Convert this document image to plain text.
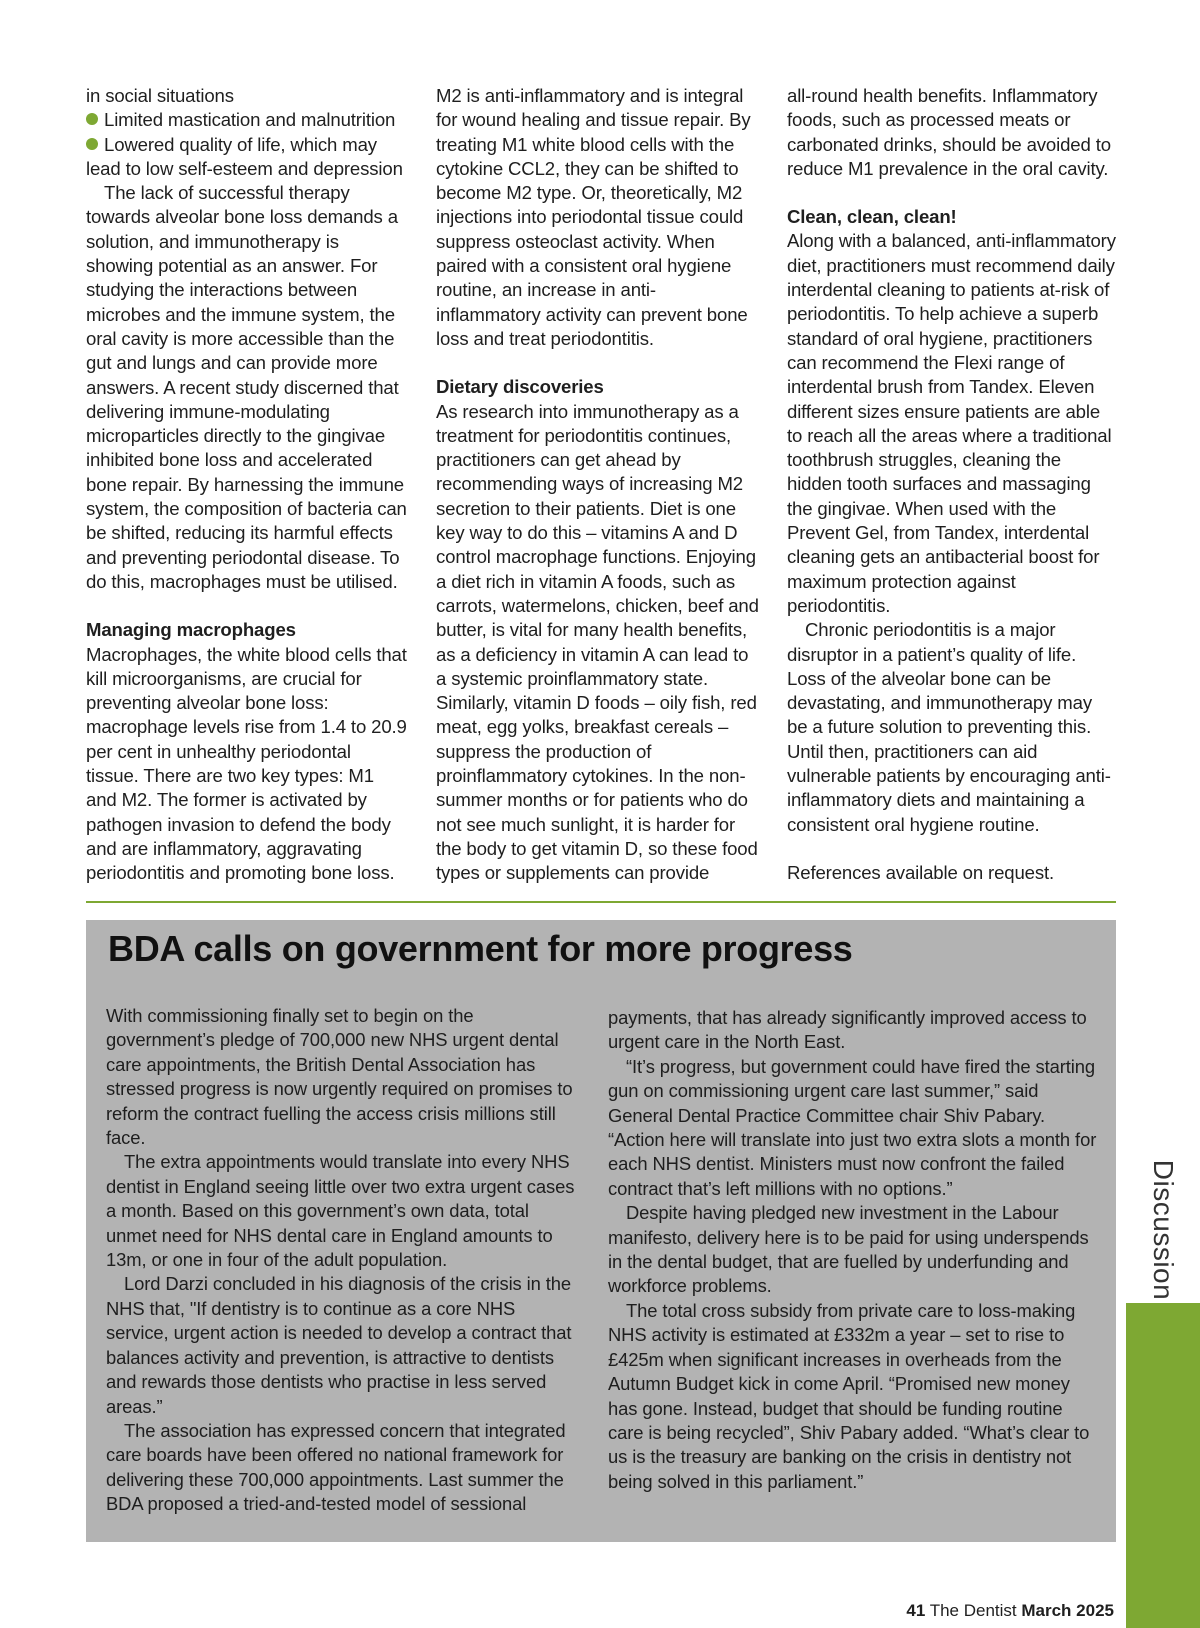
in social situations

Limited mastication and malnutrition
Lowered quality of life, which may lead to low self-esteem and depression

The lack of successful therapy towards alveolar bone loss demands a solution, and immunotherapy is showing potential as an answer. For studying the interactions between microbes and the immune system, the oral cavity is more accessible than the gut and lungs and can provide more answers. A recent study discerned that delivering immune-modulating microparticles directly to the gingivae inhibited bone loss and accelerated bone repair. By harnessing the immune system, the composition of bacteria can be shifted, reducing its harmful effects and preventing periodontal disease. To do this, macrophages must be utilised.

Managing macrophages

Macrophages, the white blood cells that kill microorganisms, are crucial for preventing alveolar bone loss: macrophage levels rise from 1.4 to 20.9 per cent in unhealthy periodontal tissue. There are two key types: M1 and M2. The former is activated by pathogen invasion to defend the body and are inflammatory, aggravating periodontitis and promoting bone loss.

M2 is anti-inflammatory and is integral for wound healing and tissue repair. By treating M1 white blood cells with the cytokine CCL2, they can be shifted to become M2 type. Or, theoretically, M2 injections into periodontal tissue could suppress osteoclast activity. When paired with a consistent oral hygiene routine, an increase in anti-inflammatory activity can prevent bone loss and treat periodontitis.

Dietary discoveries

As research into immunotherapy as a treatment for periodontitis continues, practitioners can get ahead by recommending ways of increasing M2 secretion to their patients. Diet is one key way to do this – vitamins A and D control macrophage functions. Enjoying a diet rich in vitamin A foods, such as carrots, watermelons, chicken, beef and butter, is vital for many health benefits, as a deficiency in vitamin A can lead to a systemic proinflammatory state. Similarly, vitamin D foods – oily fish, red meat, egg yolks, breakfast cereals – suppress the production of proinflammatory cytokines. In the non-summer months or for patients who do not see much sunlight, it is harder for the body to get vitamin D, so these food types or supplements can provide

all-round health benefits. Inflammatory foods, such as processed meats or carbonated drinks, should be avoided to reduce M1 prevalence in the oral cavity.

Clean, clean, clean!

Along with a balanced, anti-inflammatory diet, practitioners must recommend daily interdental cleaning to patients at-risk of periodontitis. To help achieve a superb standard of oral hygiene, practitioners can recommend the Flexi range of interdental brush from Tandex. Eleven different sizes ensure patients are able to reach all the areas where a traditional toothbrush struggles, cleaning the hidden tooth surfaces and massaging the gingivae. When used with the Prevent Gel, from Tandex, interdental cleaning gets an antibacterial boost for maximum protection against periodontitis.

Chronic periodontitis is a major disruptor in a patient’s quality of life. Loss of the alveolar bone can be devastating, and immunotherapy may be a future solution to preventing this. Until then, practitioners can aid vulnerable patients by encouraging anti-inflammatory diets and maintaining a consistent oral hygiene routine.

References available on request.

BDA calls on government for more progress

With commissioning finally set to begin on the government’s pledge of 700,000 new NHS urgent dental care appointments, the British Dental Association has stressed progress is now urgently required on promises to reform the contract fuelling the access crisis millions still face.

The extra appointments would translate into every NHS dentist in England seeing little over two extra urgent cases a month. Based on this government’s own data, total unmet need for NHS dental care in England amounts to 13m, or one in four of the adult population.

Lord Darzi concluded in his diagnosis of the crisis in the NHS that, "If dentistry is to continue as a core NHS service, urgent action is needed to develop a contract that balances activity and prevention, is attractive to dentists and rewards those dentists who practise in less served areas.”

The association has expressed concern that integrated care boards have been offered no national framework for delivering these 700,000 appointments. Last summer the BDA proposed a tried-and-tested model of sessional

payments, that has already significantly improved access to urgent care in the North East.

“It’s progress, but government could have fired the starting gun on commissioning urgent care last summer,” said General Dental Practice Committee chair Shiv Pabary. “Action here will translate into just two extra slots a month for each NHS dentist. Ministers must now confront the failed contract that’s left millions with no options.”

Despite having pledged new investment in the Labour manifesto, delivery here is to be paid for using underspends in the dental budget, that are fuelled by underfunding and workforce problems.

The total cross subsidy from private care to loss-making NHS activity is estimated at £332m a year – set to rise to £425m when significant increases in overheads from the Autumn Budget kick in come April. “Promised new money has gone. Instead, budget that should be funding routine care is being recycled”, Shiv Pabary added. “What’s clear to us is the treasury are banking on the crisis in dentistry not being solved in this parliament.”

Discussion
41 The Dentist March 2025
